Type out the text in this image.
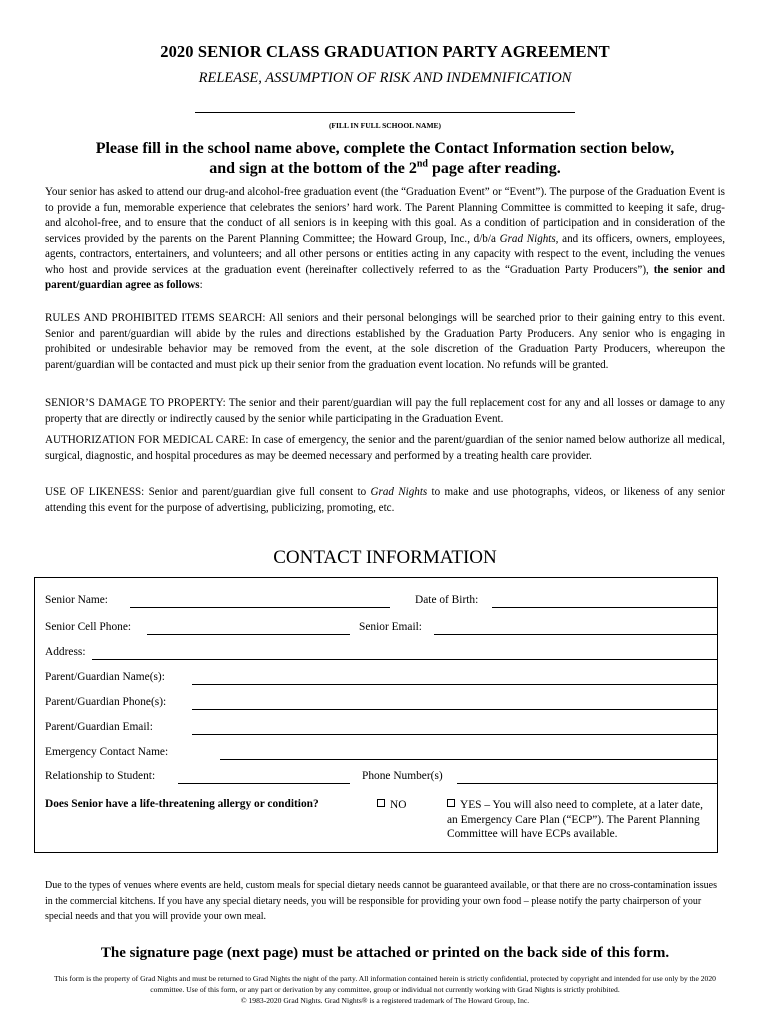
2020 SENIOR CLASS GRADUATION PARTY AGREEMENT
RELEASE, ASSUMPTION OF RISK AND INDEMNIFICATION
(FILL IN FULL SCHOOL NAME)
Please fill in the school name above, complete the Contact Information section below,
and sign at the bottom of the 2nd page after reading.

Your senior has asked to attend our drug-and alcohol-free graduation event (the “Graduation Event” or “Event”). The purpose of the Graduation Event is to provide a fun, memorable experience that celebrates the seniors’ hard work. The Parent Planning Committee is committed to keeping it safe, drug- and alcohol-free, and to ensure that the conduct of all seniors is in keeping with this goal. As a condition of participation and in consideration of the services provided by the parents on the Parent Planning Committee; the Howard Group, Inc., d/b/a Grad Nights, and its officers, owners, employees, agents, contractors, entertainers, and volunteers; and all other persons or entities acting in any capacity with respect to the event, including the venues who host and provide services at the graduation event (hereinafter collectively referred to as the “Graduation Party Producers”), the senior and parent/guardian agree as follows:

RULES AND PROHIBITED ITEMS SEARCH: All seniors and their personal belongings will be searched prior to their gaining entry to this event. Senior and parent/guardian will abide by the rules and directions established by the Graduation Party Producers. Any senior who is engaging in prohibited or undesirable behavior may be removed from the event, at the sole discretion of the Graduation Party Producers, whereupon the parent/guardian will be contacted and must pick up their senior from the graduation event location. No refunds will be granted.

SENIOR’S DAMAGE TO PROPERTY: The senior and their parent/guardian will pay the full replacement cost for any and all losses or damage to any property that are directly or indirectly caused by the senior while participating in the Graduation Event.

AUTHORIZATION FOR MEDICAL CARE: In case of emergency, the senior and the parent/guardian of the senior named below authorize all medical, surgical, diagnostic, and hospital procedures as may be deemed necessary and performed by a treating health care provider.

USE OF LIKENESS: Senior and parent/guardian give full consent to Grad Nights to make and use photographs, videos, or likeness of any senior attending this event for the purpose of advertising, publicizing, promoting, etc.

CONTACT INFORMATION
Senior Name:	Date of Birth:
Senior Cell Phone:	Senior Email:
Address:
Parent/Guardian Name(s):
Parent/Guardian Phone(s):
Parent/Guardian Email:
Emergency Contact Name:
Relationship to Student:	Phone Number(s)
Does Senior have a life-threatening allergy or condition?	NO	YES – You will also need to complete, at a later date, an Emergency Care Plan (“ECP”). The Parent Planning Committee will have ECPs available.

Due to the types of venues where events are held, custom meals for special dietary needs cannot be guaranteed available, or that there are no cross-contamination issues in the commercial kitchens. If you have any special dietary needs, you will be responsible for providing your own food – please notify the party chairperson of your special needs and that you will provide your own meal.

The signature page (next page) must be attached or printed on the back side of this form.
This form is the property of Grad Nights and must be returned to Grad Nights the night of the party. All information contained herein is strictly confidential, protected by copyright and intended for use only by the 2020 committee. Use of this form, or any part or derivation by any committee, group or individual not currently working with Grad Nights is strictly prohibited.
© 1983-2020 Grad Nights. Grad Nights® is a registered trademark of The Howard Group, Inc.
